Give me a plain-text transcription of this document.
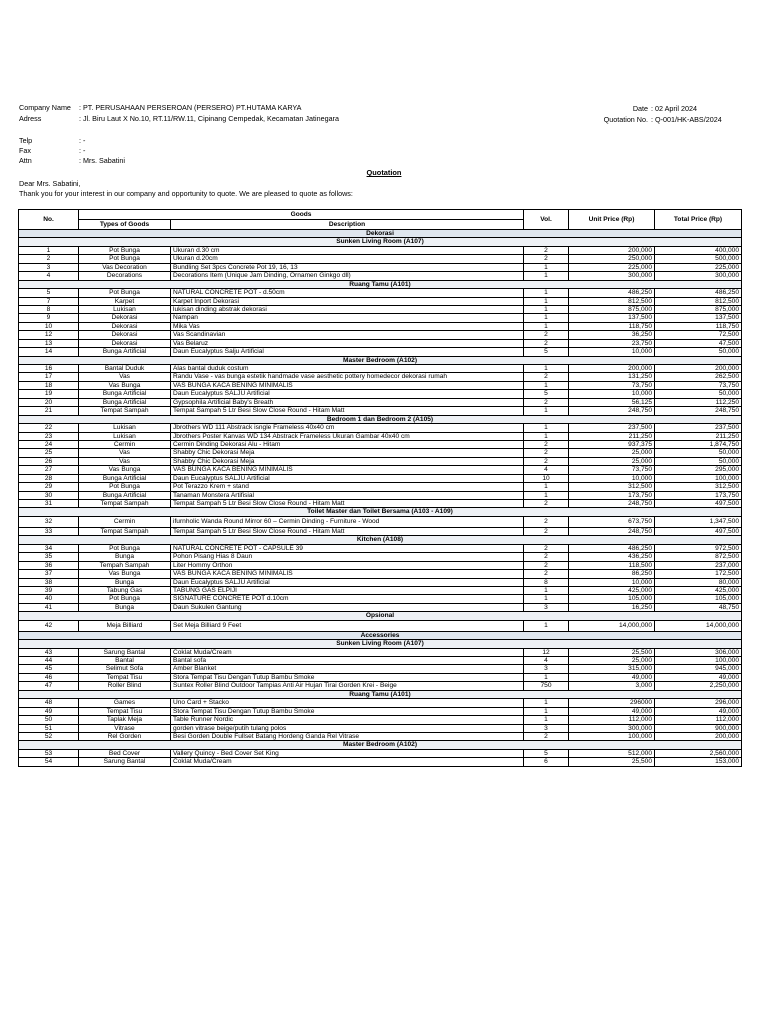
Company Name : PT. PERUSAHAAN PERSEROAN (PERSERO) PT.HUTAMA KARYA
Adress	: Jl. Biru Laut X No.10, RT.11/RW.11, Cipinang Cempedak, Kecamatan Jatinegara
Telp	: -
Fax	: -
Attn	: Mrs. Sabatini
Date : 02 April 2024
Quotation No. : Q-001/HK-ABS/2024
Quotation
Dear Mrs. Sabatini,
Thank you for your interest in our company and opportunity to quote. We are pleased to quote as follows:
No.	Goods		Vol.	Unit Price (Rp)	Total Price (Rp)
	Types of Goods	Description			
Dekorasi					
Sunken Living Room (A107)					
1	Pot Bunga	Ukuran d.30 cm	2	200,000	400,000
2	Pot Bunga	Ukuran d.20cm	2	250,000	500,000
3	Vas Decoration	Bundling Set 3pcs Concrete Pot 19, 16, 13	1	225,000	225,000
4	Decorations	Decorations Item (Unique Jam Dinding, Ornamen Ginkgo dll)	1	300,000	300,000
Ruang Tamu (A101)					
5	Pot Bunga	NATURAL CONCRETE POT - d.50cm	1	486,250	486,250
7	Karpet	Karpet Inport Dekorasi	1	812,500	812,500
8	Lukisan	lukisan dinding abstrak dekorasi	1	875,000	875,000
9	Dekorasi	Nampan	1	137,500	137,500
10	Dekorasi	Mika Vas	1	118,750	118,750
12	Dekorasi	Vas Scandinavian	2	36,250	72,500
13	Dekorasi	Vas Belaruz	2	23,750	47,500
14	Bunga Artificial	Daun Eucalyptus Salju Artificial	5	10,000	50,000
Master Bedroom (A102)					
16	Bantal Duduk	Alas bantal duduk costum	1	200,000	200,000
17	Vas	Randu Vase - vas bunga estetik handmade vase aesthetic pottery homedecor dekorasi rumah	2	131,250	262,500
18	Vas Bunga	VAS BUNGA KACA BENING MINIMALIS	1	73,750	73,750
19	Bunga Artificial	Daun Eucalyptus SALJU Artificial	5	10,000	50,000
20	Bunga Artificial	Gypsophila Artificial Baby's Breath	2	56,125	112,250
21	Tempat Sampah	Tempat Sampah 5 Ltr Besi Slow Close Round - Hitam Matt	1	248,750	248,750
Bedroom 1 dan Bedroom 2 (A105)					
22	Lukisan	Jbrothers WD 111 Abstrack isngle Frameless 40x40 cm	1	237,500	237,500
23	Lukisan	Jbrothers Poster Kanvas WD 134 Abstrack Frameless Ukuran Gambar 40x40 cm	1	211,250	211,250
24	Cermin	Cermin Dinding Dekorasi Alu - Hitam	2	937,375	1,874,750
25	Vas	Shabby Chic Dekorasi Meja	2	25,000	50,000
26	Vas	Shabby Chic Dekorasi Meja	2	25,000	50,000
27	Vas Bunga	VAS BUNGA KACA BENING MINIMALIS	4	73,750	295,000
28	Bunga Artificial	Daun Eucalyptus SALJU Artificial	10	10,000	100,000
29	Pot Bunga	Pot Terazzo Krem + stand	1	312,500	312,500
30	Bunga Artificial	Tanaman Monstera Artifisial	1	173,750	173,750
31	Tempat Sampah	Tempat Sampah 5 Ltr Besi Slow Close Round - Hitam Matt	2	248,750	497,500
Toilet Master dan Toilet Bersama (A103 - A109)					
32	Cermin	ifurnholic Wanda Round Mirror 60 – Cermin Dinding - Furniture - Wood	2	673,750	1,347,500
33	Tempat Sampah	Tempat Sampah 5 Ltr Besi Slow Close Round - Hitam Matt	2	248,750	497,500
Kitchen (A108)					
34	Pot Bunga	NATURAL CONCRETE POT - CAPSULE 39	2	486,250	972,500
35	Bunga	Pohon Pisang Hias 8 Daun	2	436,250	872,500
36	Tempah Sampah	Liter Hommy Orthon	2	118,500	237,000
37	Vas Bunga	VAS BUNGA KACA BENING MINIMALIS	2	86,250	172,500
38	Bunga	Daun Eucalyptus SALJU Artificial	8	10,000	80,000
39	Tabung Gas	TABUNG GAS ELPIJI	1	425,000	425,000
40	Pot Bunga	SIGNATURE CONCRETE POT d.10cm	1	105,000	105,000
41	Bunga	Daun Sukulen Gantung	3	16,250	48,750
Opsional					
42	Meja Billiard	Set Meja Billiard 9 Feet	1	14,000,000	14,000,000
Accessories					
Sunken Living Room (A107)					
43	Sarung Bantal	Coklat Muda/Cream	12	25,500	306,000
44	Bantal	Bantal sofa	4	25,000	100,000
45	Selimut Sofa	Amber Blanket	3	315,000	945,000
46	Tempat Tisu	Stora Tempat Tisu Dengan Tutup Bambu Smoke	1	49,000	49,000
47	Roller Blind	Suntex Roller Blind Outdoor Tampias Anti Air Hujan Tirai Gorden Krei - Beige	750	3,000	2,250,000
Ruang Tamu (A101)					
48	Games	Uno Card + Stacko	1	296000	296,000
49	Tempat Tisu	Stora Tempat Tisu Dengan Tutup Bambu Smoke	1	49,000	49,000
50	Taplak Meja	Table Runner Nordic	1	112,000	112,000
51	Vitrase	gorden vitrase beige/putih tulang polos	3	300,000	900,000
52	Rel Gorden	Besi Gorden Double Fullset Batang Hordeng Ganda Rel Vitrase	2	100,000	200,000
Master Bedroom (A102)					
53	Bed Cover	Vallery Quincy - Bed Cover Set King	5	512,000	2,560,000
54	Sarung Bantal	Coklat Muda/Cream	6	25,500	153,000
